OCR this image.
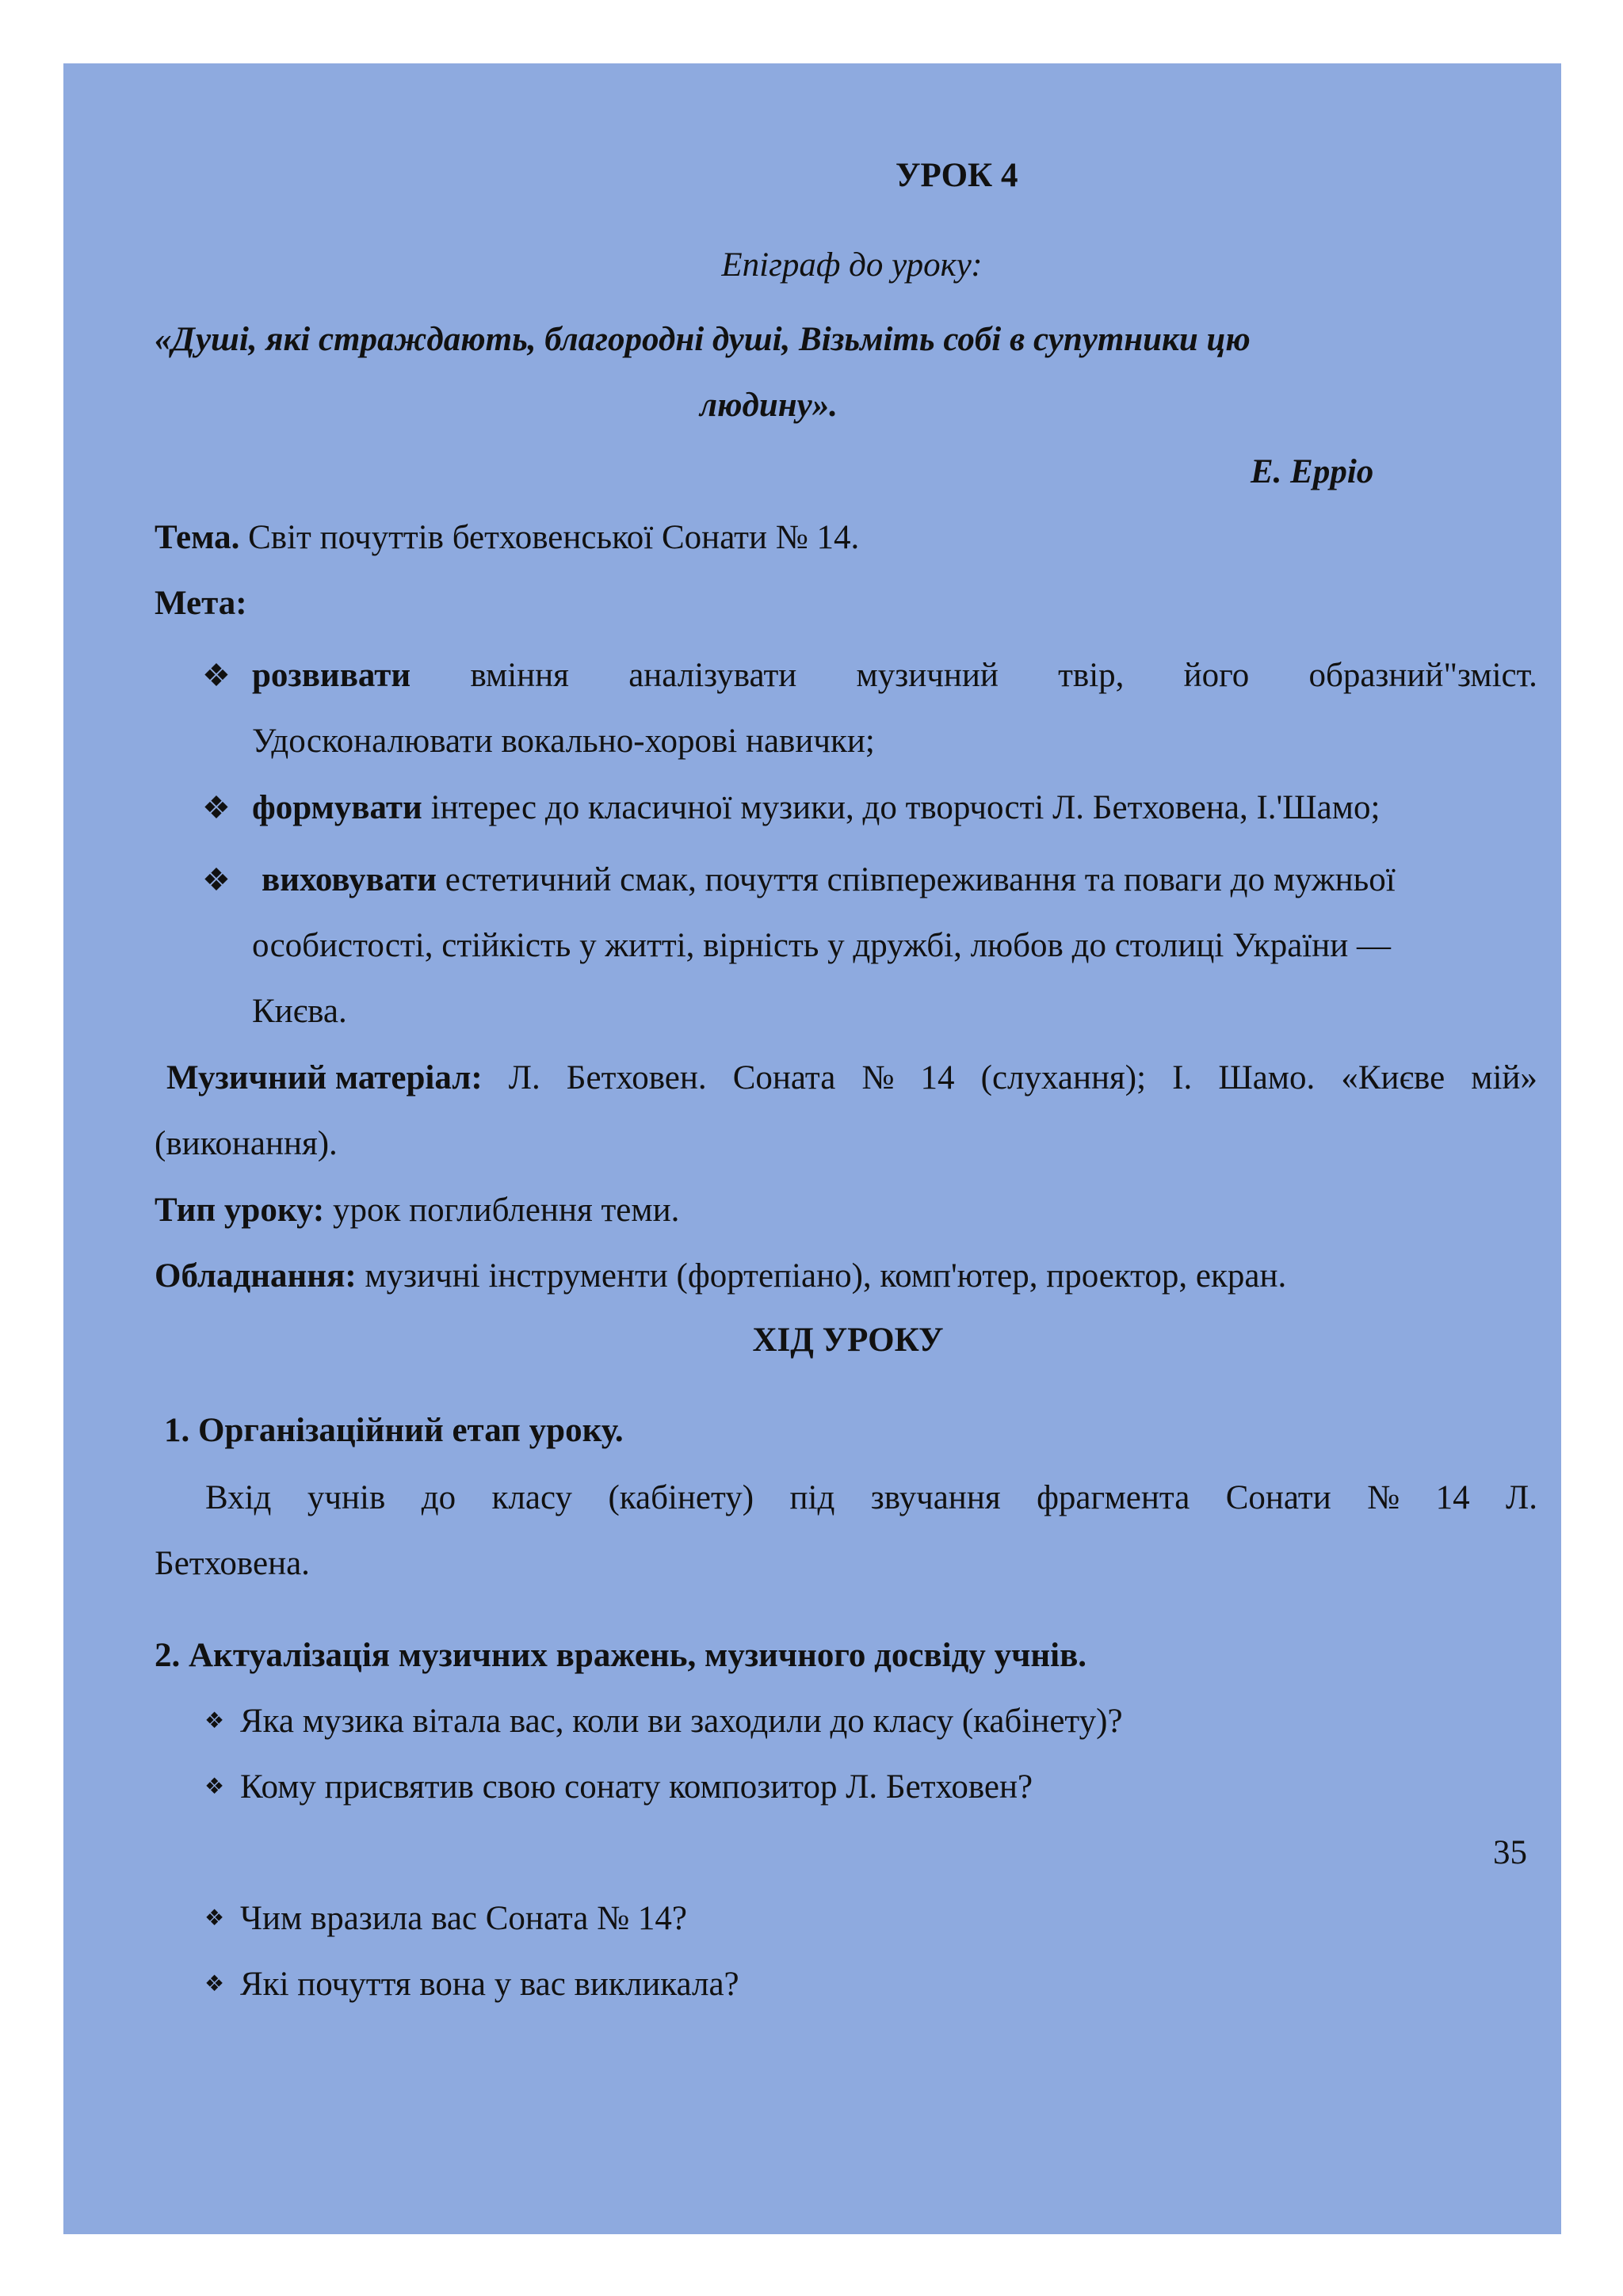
УРОК 4
Епіграф до уроку:
«Душі, які страждають, благородні душі, Візьміть собі в супутники цю
людину».
Е. Ерріо
Тема. Світ почуттів бетховенської Сонати № 14.
Мета:
❖ розвивати вміння аналізувати музичний твір, його образний"зміст.
Удосконалювати вокально-хорові навички;
❖ формувати інтерес до класичної музики, до творчості Л. Бетховена, І.'Шамо;
❖ виховувати естетичний смак, почуття співпереживання та поваги до мужньої
особистості, стійкість у житті, вірність у дружбі, любов до столиці України —
Києва.
Музичний матеріал: Л. Бетховен. Соната № 14 (слухання); І. Шамо. «Києве мій»
(виконання).
Тип уроку: урок поглиблення теми.
Обладнання: музичні інструменти (фортепіано), комп'ютер, проектор, екран.
ХІД УРОКУ
1. Організаційний етап уроку.
Вхід учнів до класу (кабінету) під звучання фрагмента Сонати № 14 Л.
Бетховена.
2. Актуалізація музичних вражень, музичного досвіду учнів.
❖ Яка музика вітала вас, коли ви заходили до класу (кабінету)?
❖ Кому присвятив свою сонату композитор Л. Бетховен?
35
❖ Чим вразила вас Соната № 14?
❖ Які почуття вона у вас викликала?
